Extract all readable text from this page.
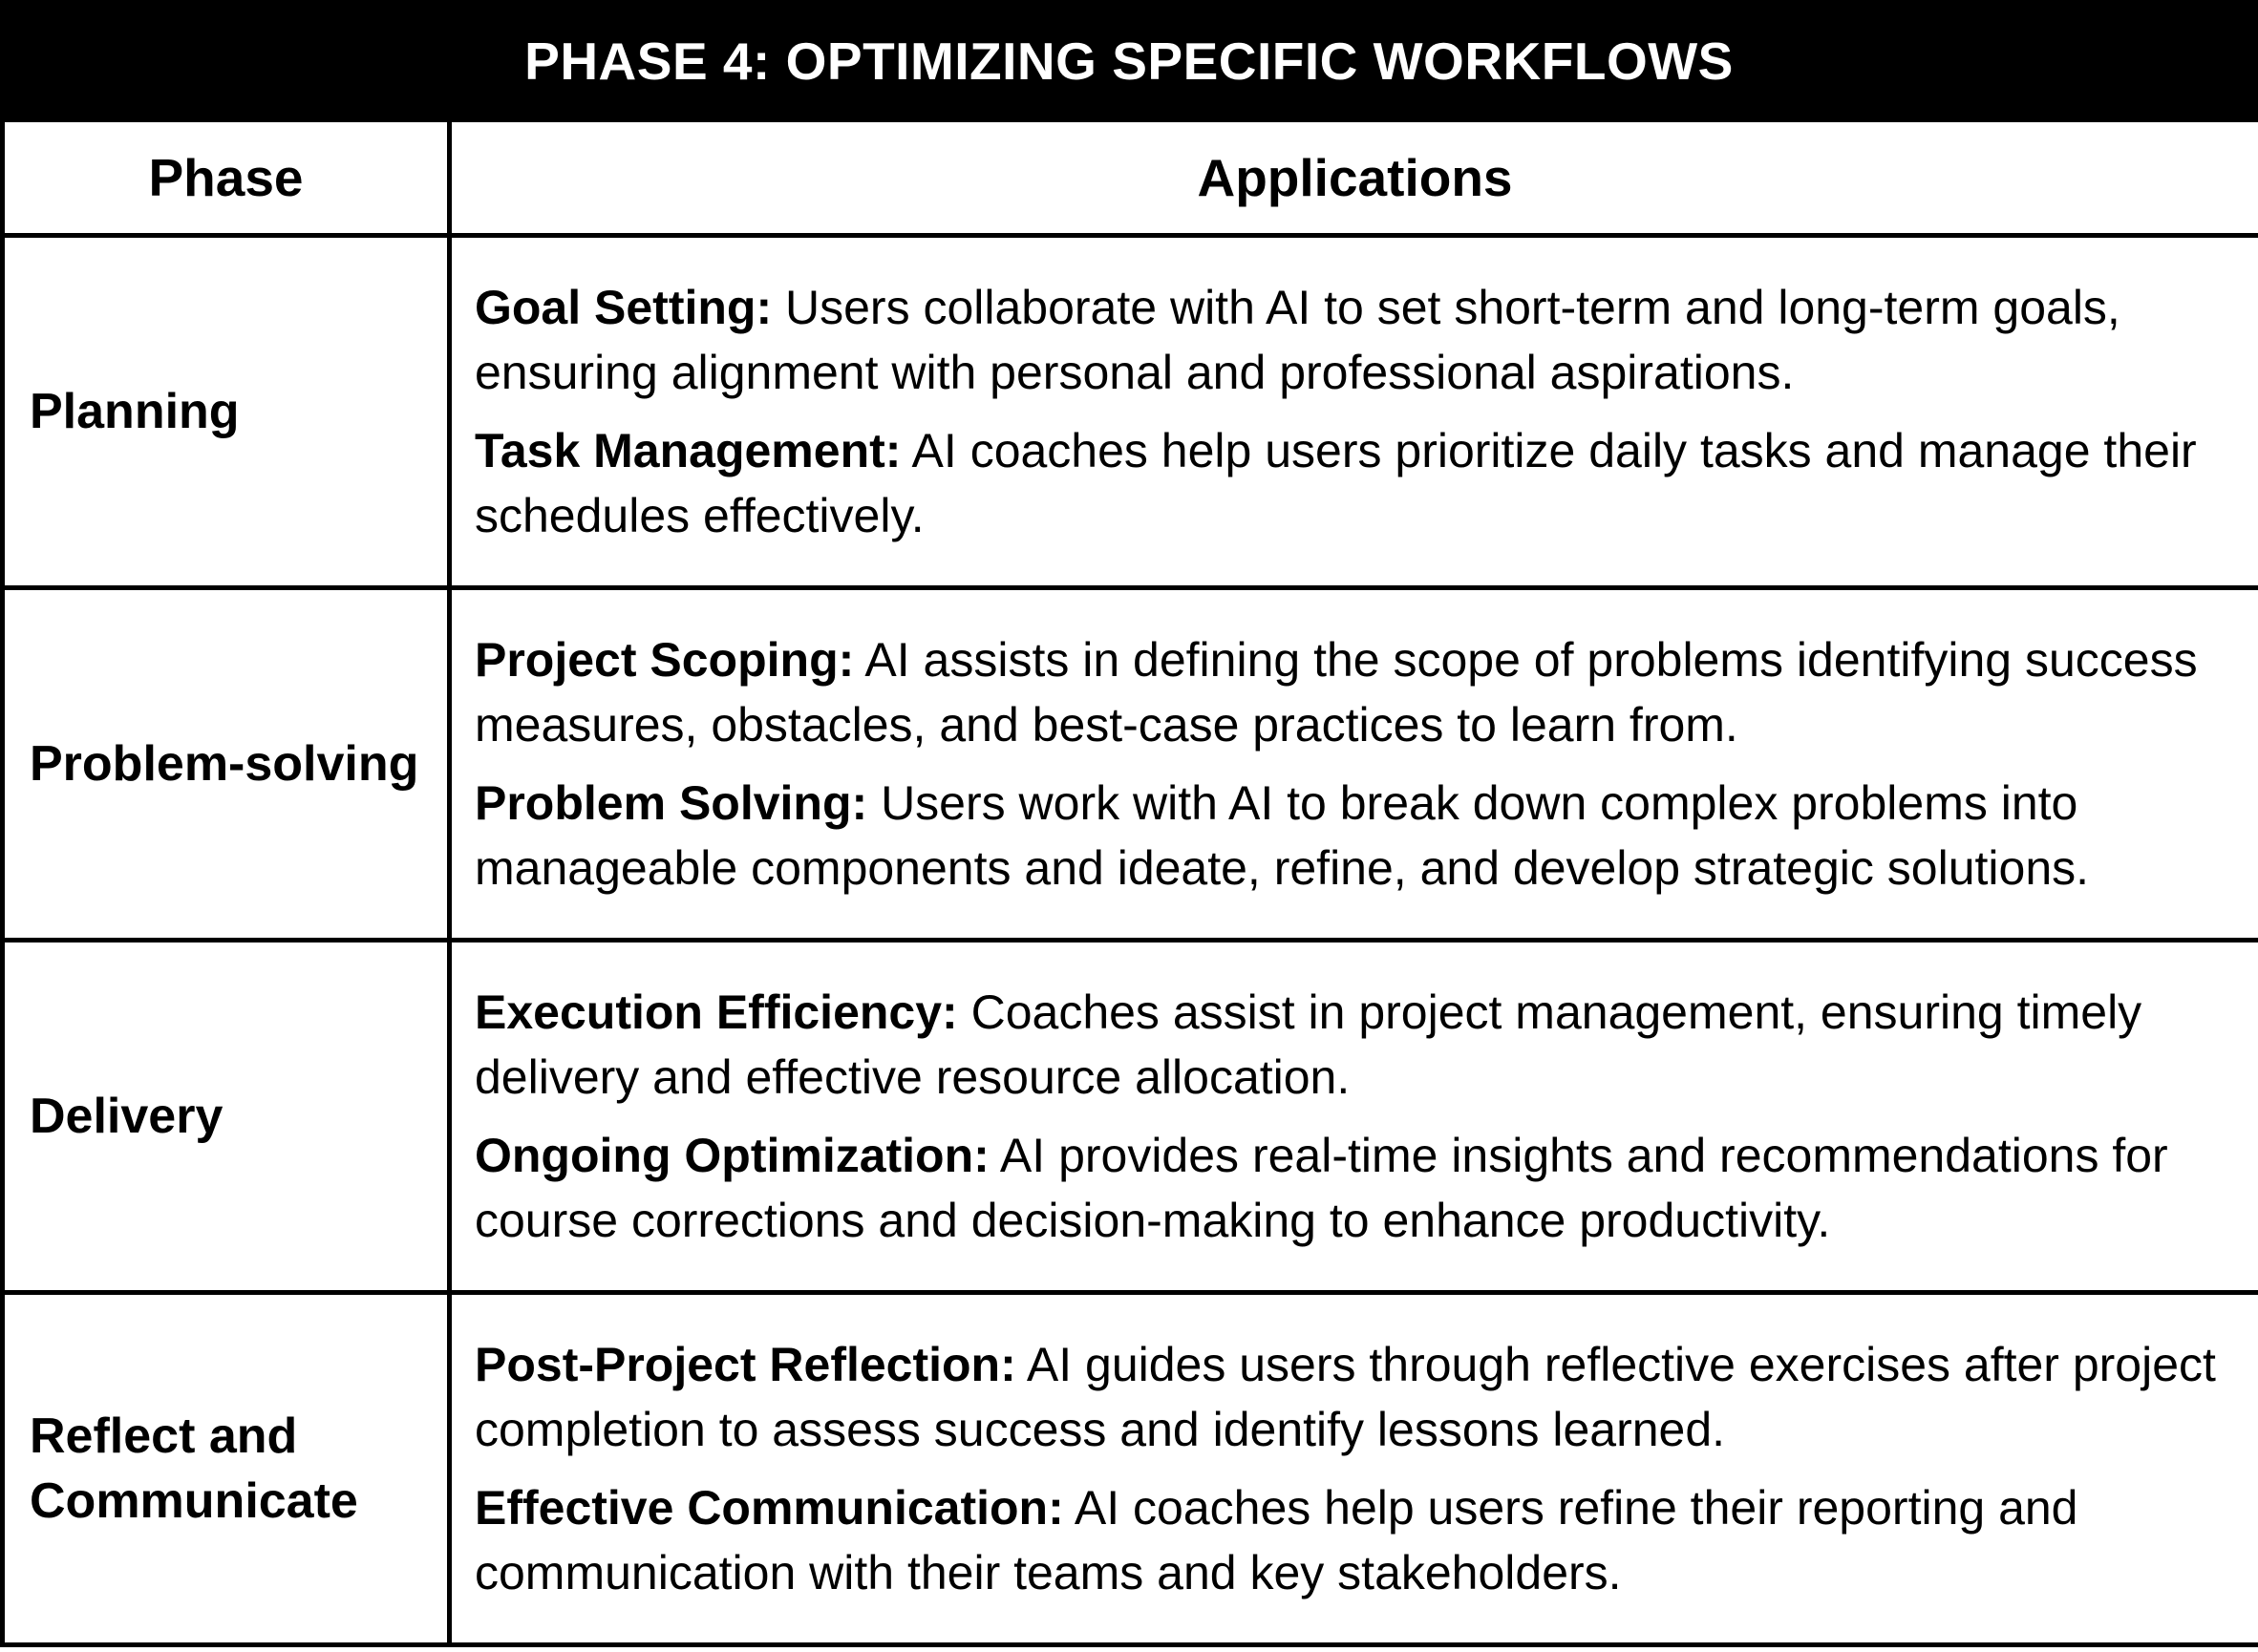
PHASE 4: OPTIMIZING SPECIFIC WORKFLOWS
Phase	Applications
Planning	Goal Setting: Users collaborate with AI to set short-term and long-term goals, ensuring alignment with personal and professional aspirations.

Task Management: AI coaches help users prioritize daily tasks and manage their schedules effectively.

Problem-solving	Project Scoping: AI assists in defining the scope of problems identifying success measures, obstacles, and best-case practices to learn from.

Problem Solving: Users work with AI to break down complex problems into manageable components and ideate, refine, and develop strategic solutions.

Delivery	Execution Efficiency: Coaches assist in project management, ensuring timely delivery and effective resource allocation.

Ongoing Optimization: AI provides real-time insights and recommendations for course corrections and decision-making to enhance productivity.

Reflect and Communicate	Post-Project Reflection: AI guides users through reflective exercises after project completion to assess success and identify lessons learned.

Effective Communication: AI coaches help users refine their reporting and communication with their teams and key stakeholders.
